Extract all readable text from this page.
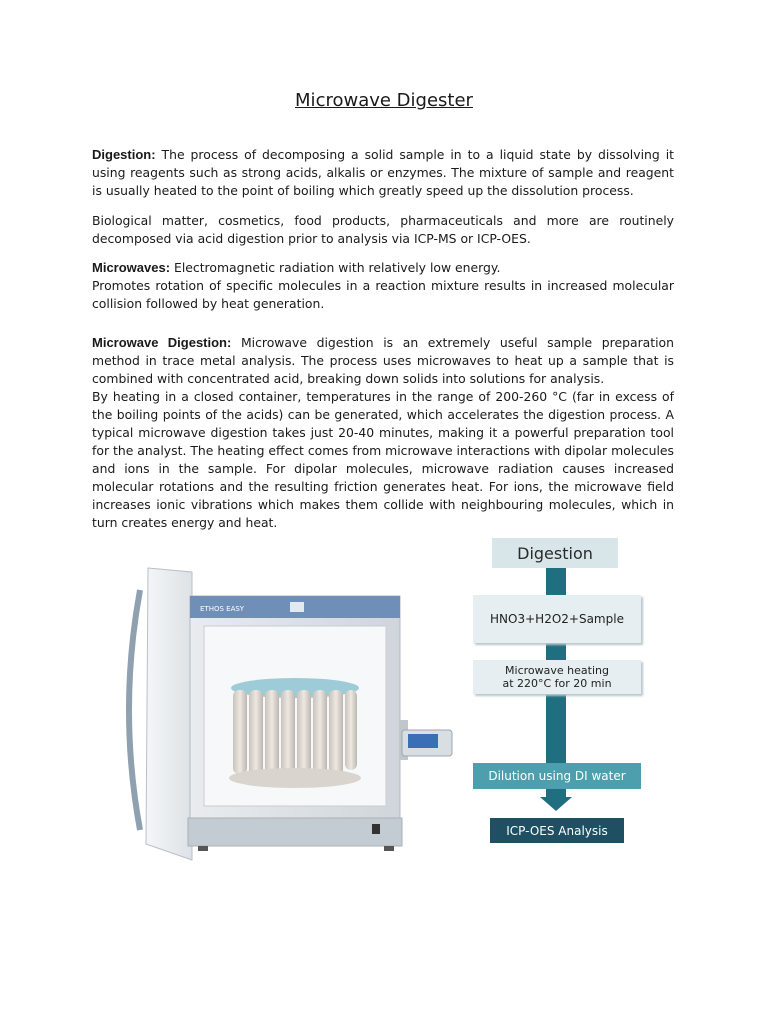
Microwave Digester

Digestion: The process of decomposing a solid sample in to a liquid state by dissolving it using reagents such as strong acids, alkalis or enzymes. The mixture of sample and reagent is usually heated to the point of boiling which greatly speed up the dissolution process.

Biological matter, cosmetics, food products, pharmaceuticals and more are routinely decomposed via acid digestion prior to analysis via ICP-MS or ICP-OES.

Microwaves: Electromagnetic radiation with relatively low energy.

Promotes rotation of specific molecules in a reaction mixture results in increased molecular collision followed by heat generation.

Microwave Digestion: Microwave digestion is an extremely useful sample preparation method in trace metal analysis. The process uses microwaves to heat up a sample that is combined with concentrated acid, breaking down solids into solutions for analysis.

By heating in a closed container, temperatures in the range of 200-260 °C (far in excess of the boiling points of the acids) can be generated, which accelerates the digestion process. A typical microwave digestion takes just 20-40 minutes, making it a powerful preparation tool for the analyst. The heating effect comes from microwave interactions with dipolar molecules and ions in the sample. For dipolar molecules, microwave radiation causes increased molecular rotations and the resulting friction generates heat. For ions, the microwave field increases ionic vibrations which makes them collide with neighbouring molecules, which in turn creates energy and heat.

ETHOS EASY
Digestion
HNO3+H2O2+Sample
Microwave heating
at 220°C for 20 min
Dilution using DI water
ICP-OES Analysis
